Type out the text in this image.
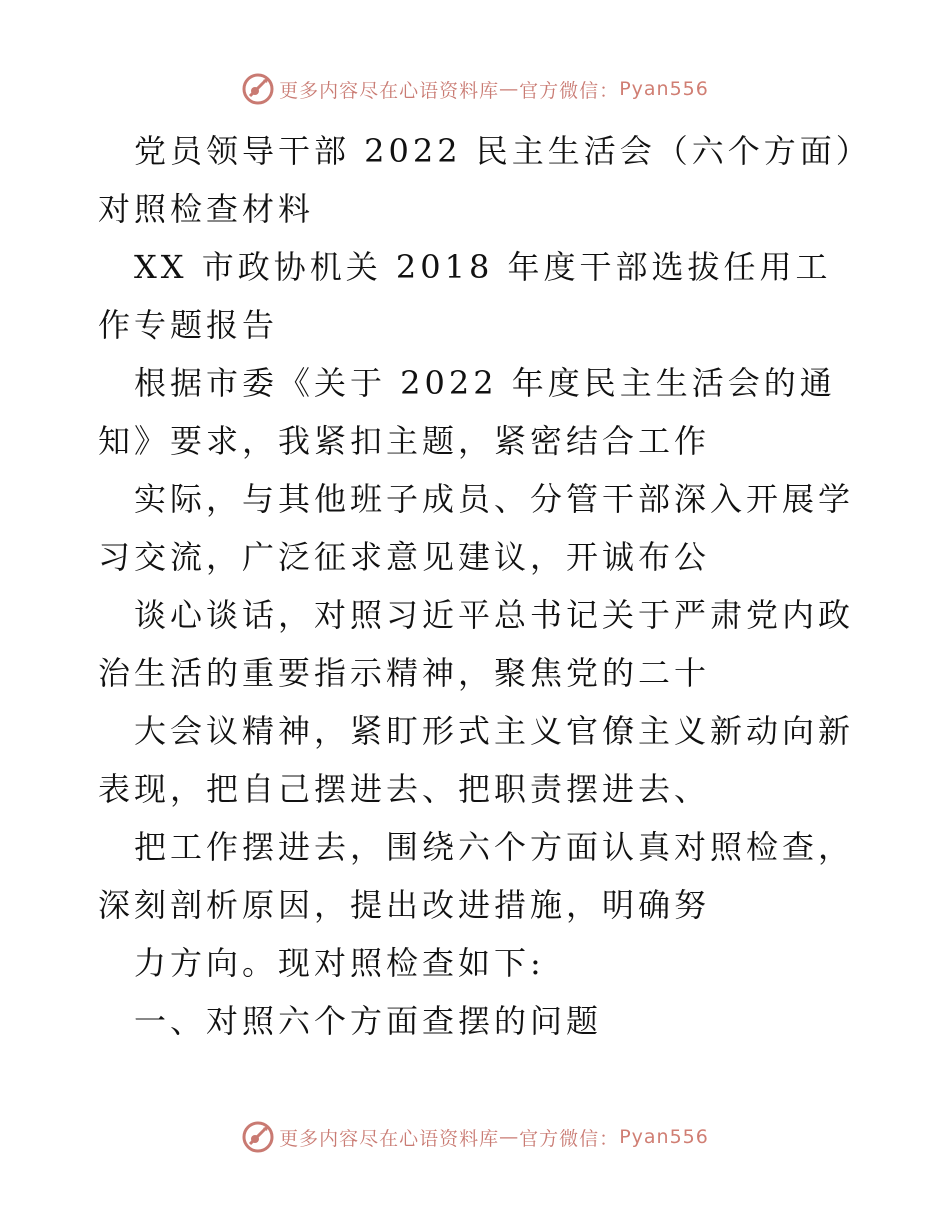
更多内容尽在心语资料库 — 官方微信： Pyan556

党员领导干部 2022 民主生活会（六个方面）对照检查材料

XX 市政协机关 2018 年度干部选拔任用工作专题报告

根据市委《关于 2022 年度民主生活会的通知》要求，我紧扣主题，紧密结合工作

实际，与其他班子成员、分管干部深入开展学习交流，广泛征求意见建议，开诚布公

谈心谈话，对照习近平总书记关于严肃党内政治生活的重要指示精神，聚焦党的二十

大会议精神，紧盯形式主义官僚主义新动向新表现，把自己摆进去、把职责摆进去、

把工作摆进去，围绕六个方面认真对照检查，深刻剖析原因，提出改进措施，明确努

力方向。现对照检查如下:

一、对照六个方面查摆的问题

更多内容尽在心语资料库 — 官方微信： Pyan556
